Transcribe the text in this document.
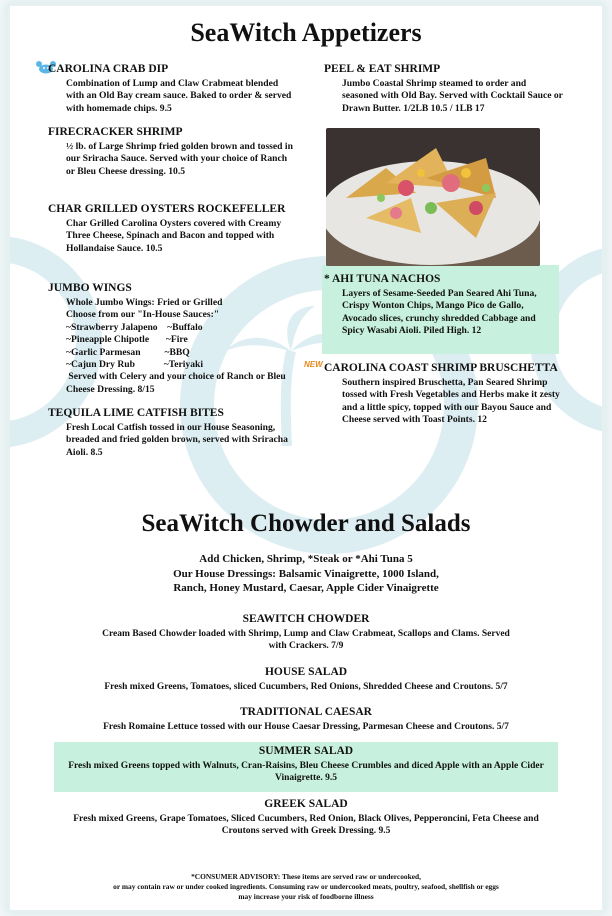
SeaWitch Appetizers
CAROLINA CRAB DIP

Combination of Lump and Claw Crabmeat blended with an Old Bay cream sauce. Baked to order & served with homemade chips. 9.5

FIRECRACKER SHRIMP

½ lb. of Large Shrimp fried golden brown and tossed in our Sriracha Sauce. Served with your choice of Ranch or Bleu Cheese dressing. 10.5

CHAR GRILLED OYSTERS ROCKEFELLER

Char Grilled Carolina Oysters covered with Creamy Three Cheese, Spinach and Bacon and topped with Hollandaise Sauce. 10.5

JUMBO WINGS

Whole Jumbo Wings: Fried or Grilled
Choose from our "In-House Sauces:"
~Strawberry Jalapeno    ~Buffalo
~Pineapple Chipotle       ~Fire
~Garlic Parmesan          ~BBQ
~Cajun Dry Rub            ~Teriyaki
Served with Celery and your choice of Ranch or Bleu Cheese Dressing. 8/15

TEQUILA LIME CATFISH BITES

Fresh Local Catfish tossed in our House Seasoning, breaded and fried golden brown, served with Sriracha Aioli. 8.5

PEEL & EAT SHRIMP

Jumbo Coastal Shrimp steamed to order and seasoned with Old Bay. Served with Cocktail Sauce or Drawn Butter. 1/2LB 10.5 / 1LB 17

* AHI TUNA NACHOS

Layers of Sesame-Seeded Pan Seared Ahi Tuna, Crispy Wonton Chips, Mango Pico de Gallo, Avocado slices, crunchy shredded Cabbage and Spicy Wasabi Aioli. Piled High. 12

NEW CAROLINA COAST SHRIMP BRUSCHETTA

Southern inspired Bruschetta, Pan Seared Shrimp tossed with Fresh Vegetables and Herbs make it zesty and a little spicy, topped with our Bayou Sauce and Cheese served with Toast Points. 12

SeaWitch Chowder and Salads
Add Chicken, Shrimp, *Steak or *Ahi Tuna 5
Our House Dressings: Balsamic Vinaigrette, 1000 Island,
Ranch, Honey Mustard, Caesar, Apple Cider Vinaigrette
SEAWITCH CHOWDER

Cream Based Chowder loaded with Shrimp, Lump and Claw Crabmeat, Scallops and Clams. Served with Crackers. 7/9

HOUSE SALAD

Fresh mixed Greens, Tomatoes, sliced Cucumbers, Red Onions, Shredded Cheese and Croutons. 5/7

TRADITIONAL CAESAR

Fresh Romaine Lettuce tossed with our House Caesar Dressing, Parmesan Cheese and Croutons. 5/7

SUMMER SALAD

Fresh mixed Greens topped with Walnuts, Cran-Raisins, Bleu Cheese Crumbles and diced Apple with an Apple Cider Vinaigrette. 9.5

GREEK SALAD

Fresh mixed Greens, Grape Tomatoes, Sliced Cucumbers, Red Onion, Black Olives, Pepperoncini, Feta Cheese and Croutons served with Greek Dressing. 9.5

*CONSUMER ADVISORY: These items are served raw or undercooked,
or may contain raw or under cooked ingredients. Consuming raw or undercooked meats, poultry, seafood, shellfish or eggs
may increase your risk of foodborne illness
